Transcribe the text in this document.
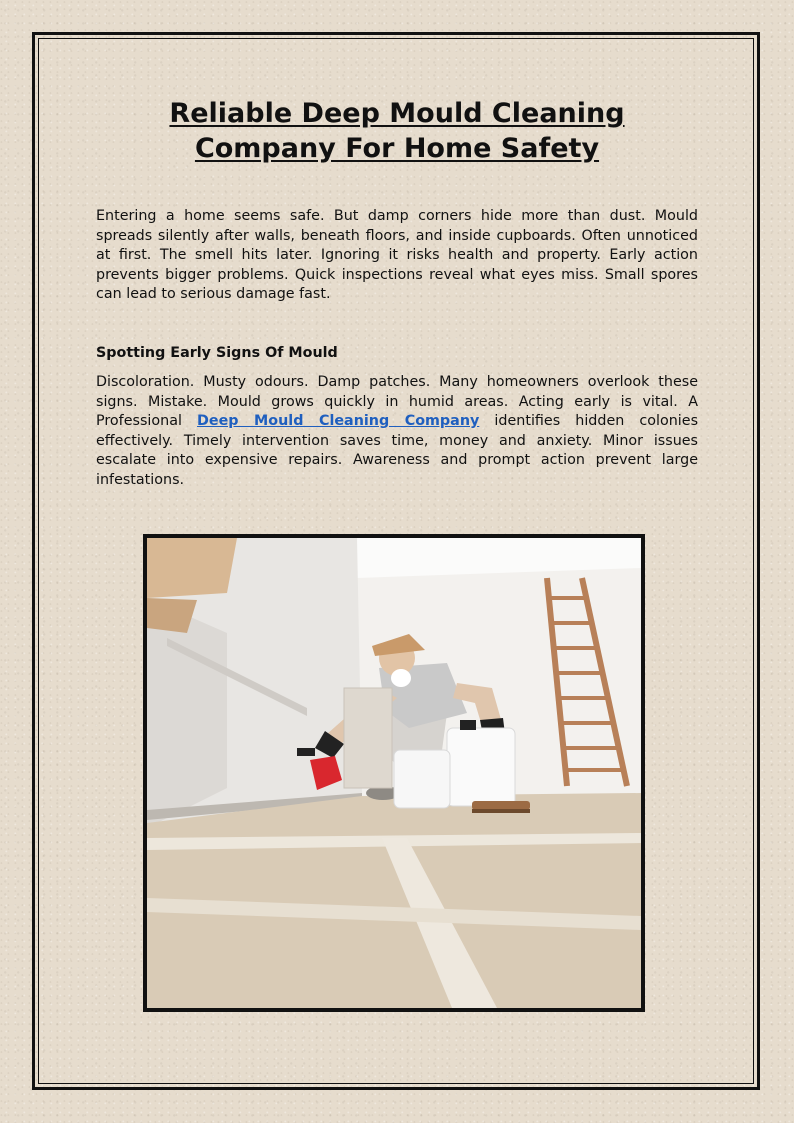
Reliable Deep Mould Cleaning Company For Home Safety

Entering a home seems safe. But damp corners hide more than dust. Mould spreads silently after walls, beneath floors, and inside cupboards. Often unnoticed at first. The smell hits later. Ignoring it risks health and property. Early action prevents bigger problems. Quick inspections reveal what eyes miss. Small spores can lead to serious damage fast.

Spotting Early Signs Of Mould

Discoloration. Musty odours. Damp patches. Many homeowners overlook these signs. Mistake. Mould grows quickly in humid areas. Acting early is vital. A Professional Deep Mould Cleaning Company identifies hidden colonies effectively. Timely intervention saves time, money and anxiety. Minor issues escalate into expensive repairs. Awareness and prompt action prevent large infestations.
